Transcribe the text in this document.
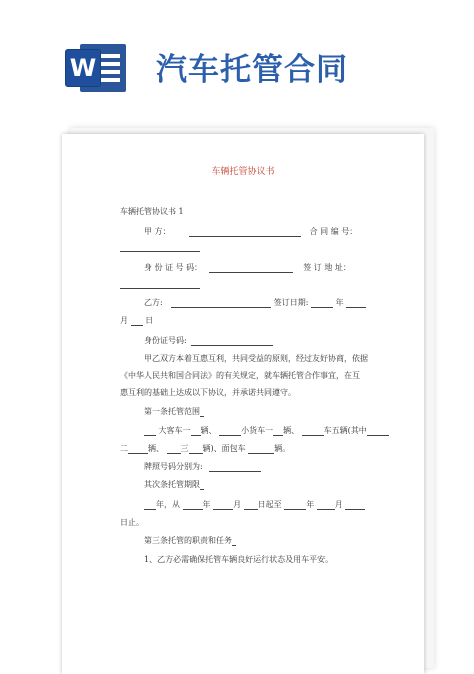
W 汽车托管合同
车辆托管协议书
车辆托管协议书 1
甲 方：	合 同 编 号：
身 份 证 号 码：	签 订 地 址：
乙方:	签订日期:	年
月 日
身份证号码:
甲乙双方本着互惠互利，共同受益的原则，经过友好协商，依据
《中华人民共和国合同法》的有关规定，就车辆托管合作事宜，在互
惠互利的基础上达成以下协议，并承诺共同遵守。
第一条托管范围
大客车一 辆、	小货车一 辆、	车五辆(其中
二	辆、 三 辆)、面包车	辆。
牌照号码分别为:
其次条托管期限
年，从	年	月 日起至	年	月
日止。
第三条托管的职责和任务
1、乙方必需确保托管车辆良好运行状态及用车平安。
